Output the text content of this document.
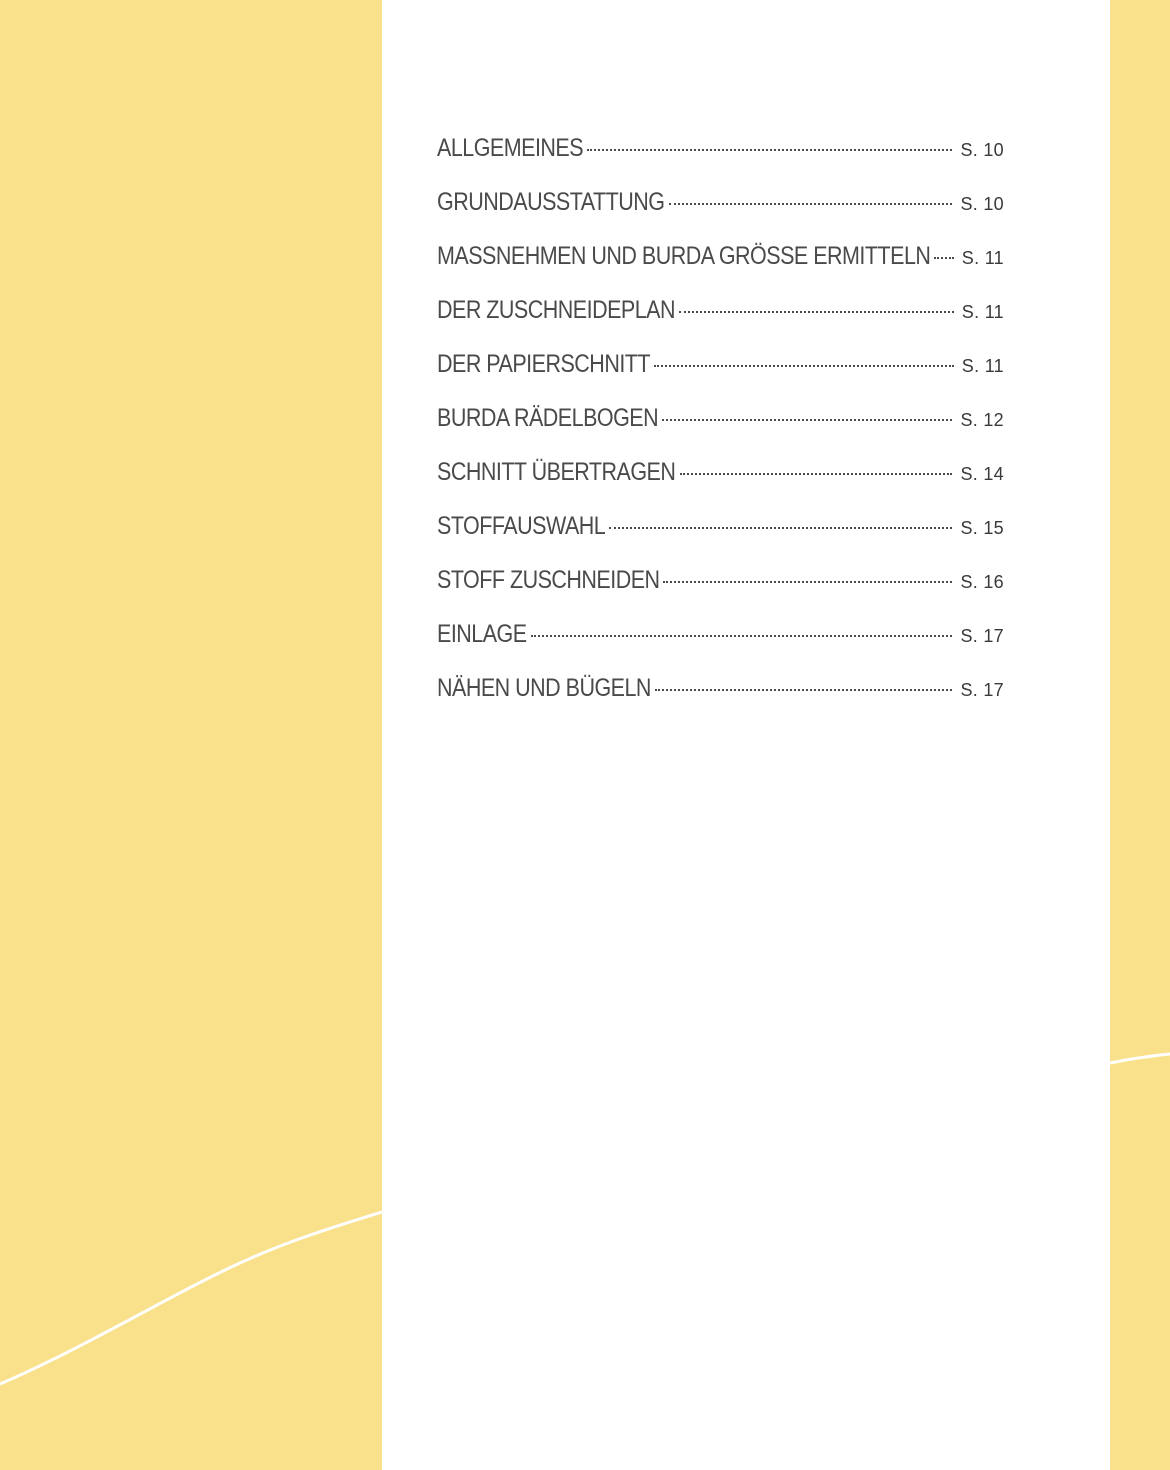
ALLGEMEINES	S. 10
GRUNDAUSSTATTUNG	S. 10
MASSNEHMEN UND BURDA GRÖSSE ERMITTELN S. 11
DER ZUSCHNEIDEPLAN	S. 11
DER PAPIERSCHNITT	S. 11
BURDA RÄDELBOGEN	S. 12
SCHNITT ÜBERTRAGEN	S. 14
STOFFAUSWAHL	S. 15
STOFF ZUSCHNEIDEN	S. 16
EINLAGE	S. 17
NÄHEN UND BÜGELN	S. 17
